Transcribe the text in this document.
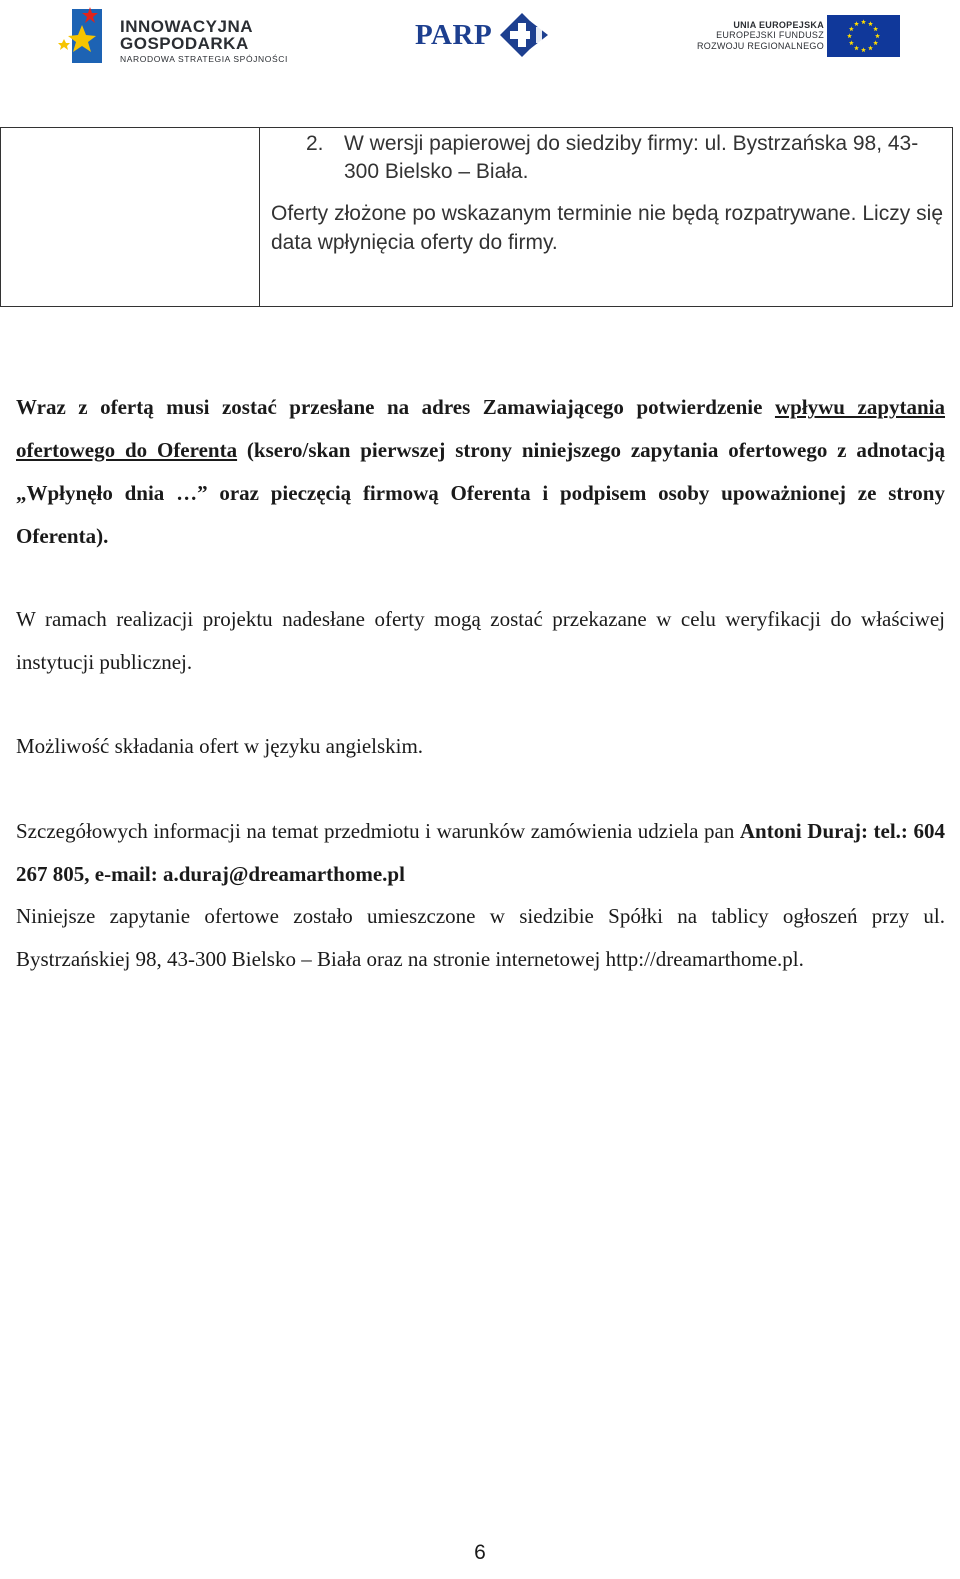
INNOWACYJNA
GOSPODARKA
NARODOWA STRATEGIA SPÓJNOŚCI
PARP	UNIA EUROPEJSKA
EUROPEJSKI FUNDUSZ
ROZWOJU REGIONALNEGO
2. W wersji papierowej do siedziby firmy: ul. Bystrzańska 98, 43-300 Bielsko – Biała.
Oferty złożone po wskazanym terminie nie będą rozpatrywane. Liczy się data wpłynięcia oferty do firmy.
Wraz z ofertą musi zostać przesłane na adres Zamawiającego potwierdzenie wpływu zapytania ofertowego do Oferenta (ksero/skan pierwszej strony niniejszego zapytania ofertowego z adnotacją „Wpłynęło dnia …” oraz pieczęcią firmową Oferenta i podpisem osoby upoważnionej ze strony Oferenta).
W ramach realizacji projektu nadesłane oferty mogą zostać przekazane w celu weryfikacji do właściwej instytucji publicznej.
Możliwość składania ofert w języku angielskim.
Szczegółowych informacji na temat przedmiotu i warunków zamówienia udziela pan Antoni Duraj: tel.: 604 267 805, e-mail: a.duraj@dreamarthome.pl
Niniejsze zapytanie ofertowe zostało umieszczone w siedzibie Spółki na tablicy ogłoszeń przy ul. Bystrzańskiej 98, 43-300 Bielsko – Biała oraz na stronie internetowej http://dreamarthome.pl.
6
